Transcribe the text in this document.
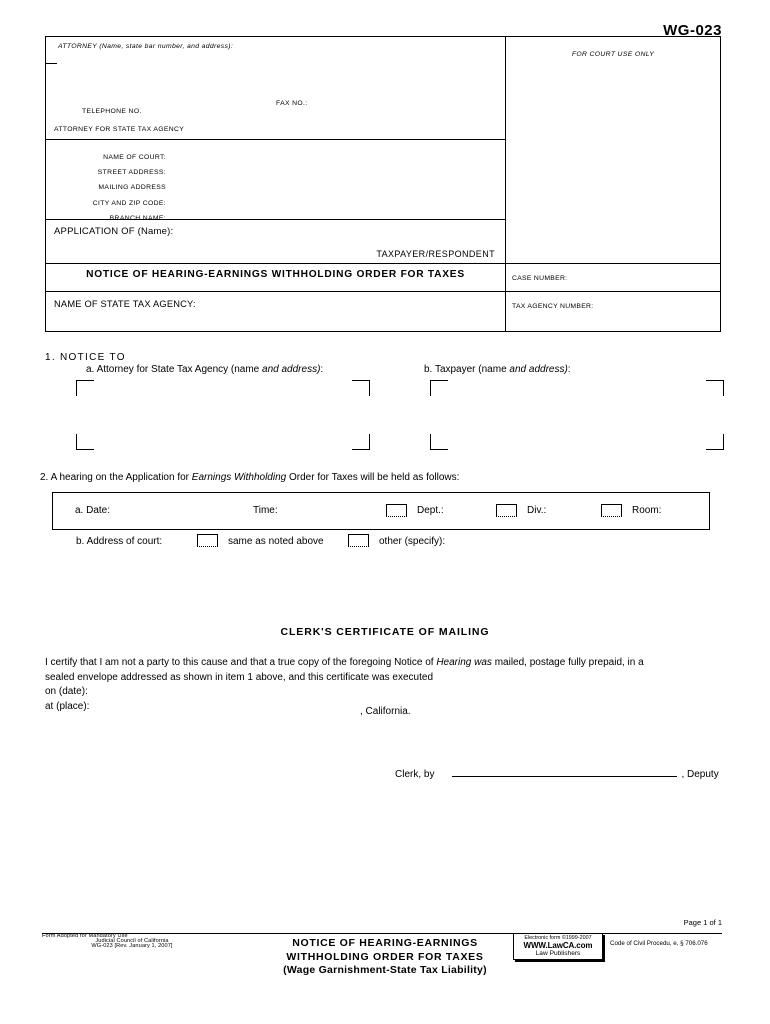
WG-023
ATTORNEY (Name, state bar number, and address):
TELEPHONE NO.
FAX NO.:
ATTORNEY FOR STATE TAX AGENCY
NAME OF COURT:
STREET ADDRESS:
MAILING ADDRESS
CITY AND ZIP CODE:
BRANCH NAME:
APPLICATION OF (Name):
TAXPAYER/RESPONDENT
NOTICE OF HEARING-EARNINGS WITHHOLDING ORDER FOR TAXES
NAME OF STATE TAX AGENCY:
FOR COURT USE ONLY
CASE NUMBER:
TAX AGENCY NUMBER:
1. NOTICE TO
a. Attorney for State Tax Agency (name and address):	b. Taxpayer (name and address):
2. A hearing on the Application for Earnings Withholding Order for Taxes will be held as follows:
a. Date:	Time:	Dept.:	Div.:	Room:
b. Address of court:	same as noted above	other (specify):
CLERK'S CERTIFICATE OF MAILING
I certify that I am not a party to this cause and that a true copy of the foregoing Notice of Hearing was mailed, postage fully prepaid, in a
sealed envelope addressed as shown in item 1 above, and this certificate was executed
on (date):
at (place):	, California.
Clerk, by	, Deputy
Page 1 of 1
Form Adopted for Mandatory Use
Judicial Council of California
WG-023 [Rev. January 1, 2007]	NOTICE OF HEARING-EARNINGS
WITHHOLDING ORDER FOR TAXES
(Wage Garnishment-State Tax Liability)
Electronic form ©1999-2007
WWW.LawCA.com
Law Publishers
Code of Civil Procedu, e, § 706.076
